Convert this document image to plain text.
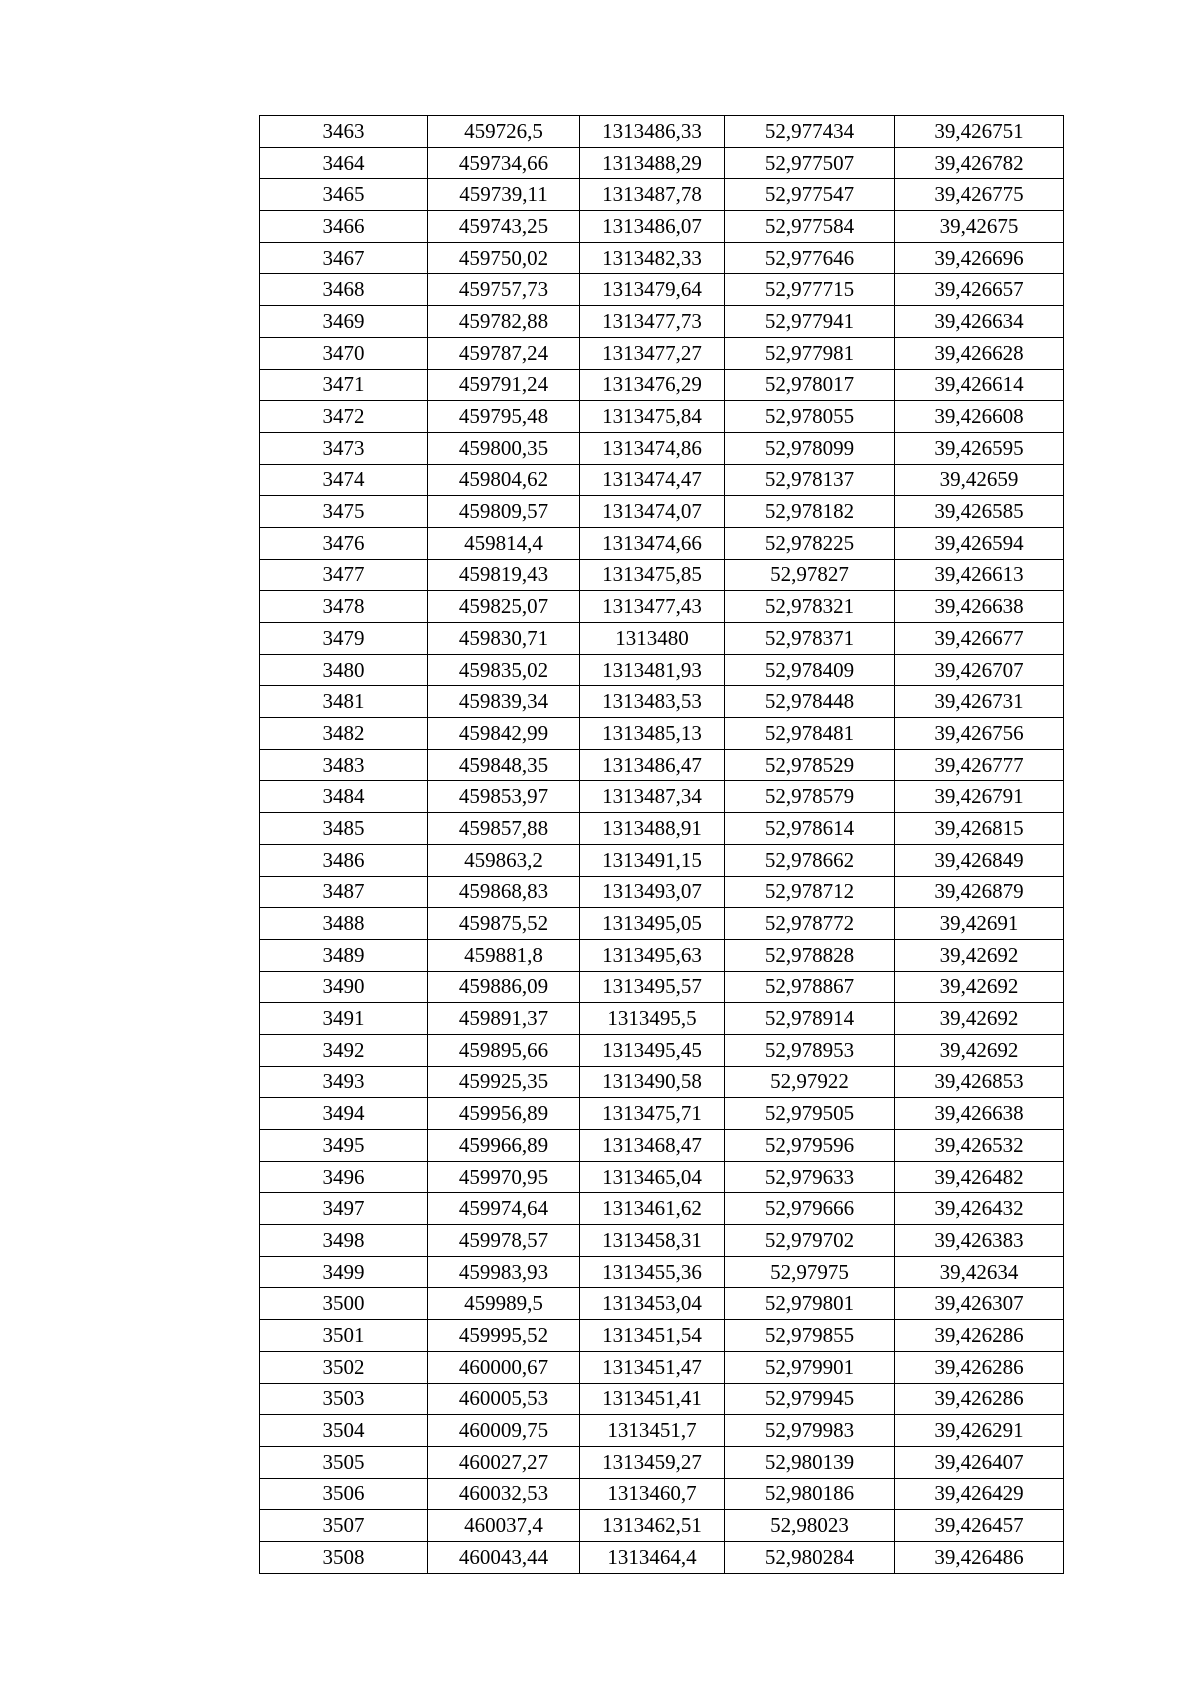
3463	459726,5	1313486,33	52,977434	39,426751
3464	459734,66	1313488,29	52,977507	39,426782
3465	459739,11	1313487,78	52,977547	39,426775
3466	459743,25	1313486,07	52,977584	39,42675
3467	459750,02	1313482,33	52,977646	39,426696
3468	459757,73	1313479,64	52,977715	39,426657
3469	459782,88	1313477,73	52,977941	39,426634
3470	459787,24	1313477,27	52,977981	39,426628
3471	459791,24	1313476,29	52,978017	39,426614
3472	459795,48	1313475,84	52,978055	39,426608
3473	459800,35	1313474,86	52,978099	39,426595
3474	459804,62	1313474,47	52,978137	39,42659
3475	459809,57	1313474,07	52,978182	39,426585
3476	459814,4	1313474,66	52,978225	39,426594
3477	459819,43	1313475,85	52,97827	39,426613
3478	459825,07	1313477,43	52,978321	39,426638
3479	459830,71	1313480	52,978371	39,426677
3480	459835,02	1313481,93	52,978409	39,426707
3481	459839,34	1313483,53	52,978448	39,426731
3482	459842,99	1313485,13	52,978481	39,426756
3483	459848,35	1313486,47	52,978529	39,426777
3484	459853,97	1313487,34	52,978579	39,426791
3485	459857,88	1313488,91	52,978614	39,426815
3486	459863,2	1313491,15	52,978662	39,426849
3487	459868,83	1313493,07	52,978712	39,426879
3488	459875,52	1313495,05	52,978772	39,42691
3489	459881,8	1313495,63	52,978828	39,42692
3490	459886,09	1313495,57	52,978867	39,42692
3491	459891,37	1313495,5	52,978914	39,42692
3492	459895,66	1313495,45	52,978953	39,42692
3493	459925,35	1313490,58	52,97922	39,426853
3494	459956,89	1313475,71	52,979505	39,426638
3495	459966,89	1313468,47	52,979596	39,426532
3496	459970,95	1313465,04	52,979633	39,426482
3497	459974,64	1313461,62	52,979666	39,426432
3498	459978,57	1313458,31	52,979702	39,426383
3499	459983,93	1313455,36	52,97975	39,42634
3500	459989,5	1313453,04	52,979801	39,426307
3501	459995,52	1313451,54	52,979855	39,426286
3502	460000,67	1313451,47	52,979901	39,426286
3503	460005,53	1313451,41	52,979945	39,426286
3504	460009,75	1313451,7	52,979983	39,426291
3505	460027,27	1313459,27	52,980139	39,426407
3506	460032,53	1313460,7	52,980186	39,426429
3507	460037,4	1313462,51	52,98023	39,426457
3508	460043,44	1313464,4	52,980284	39,426486
